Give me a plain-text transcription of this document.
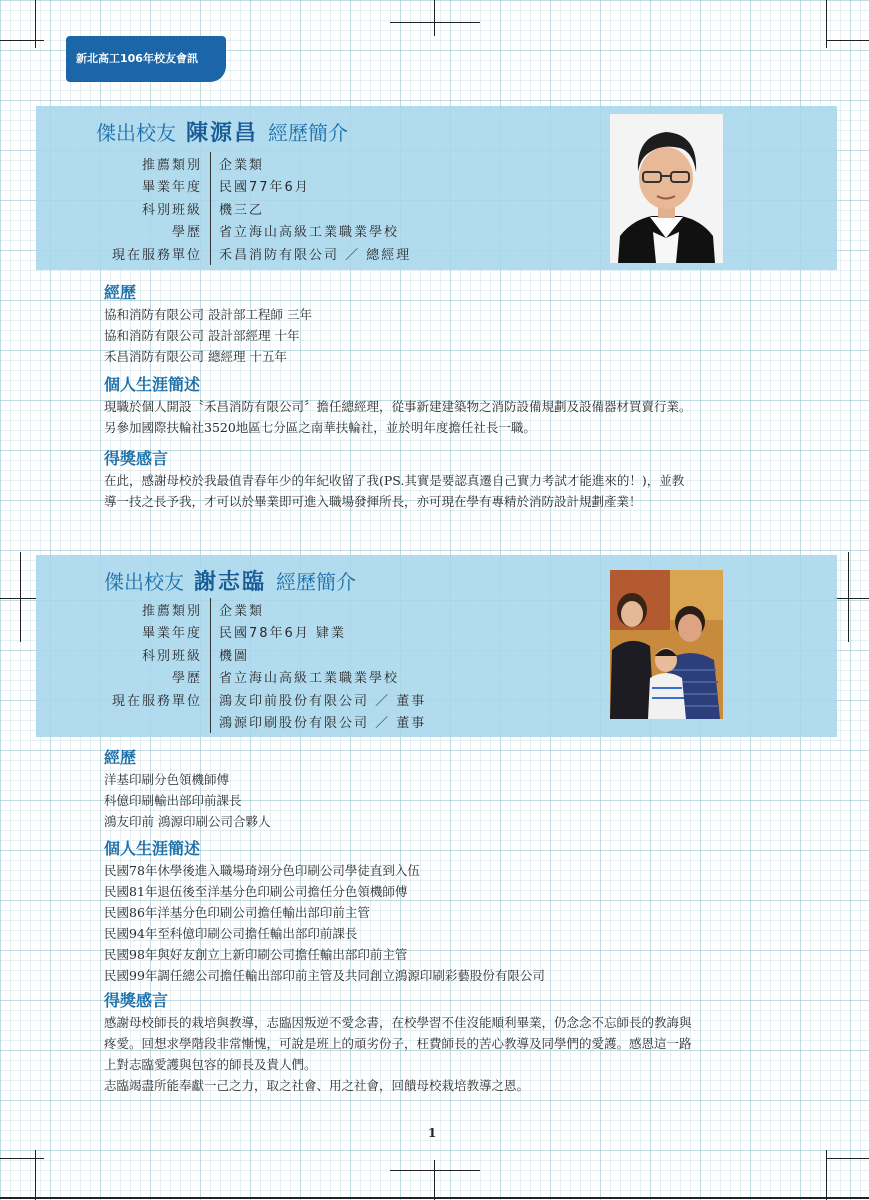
新北高工106年校友會訊
傑出校友 陳源昌 經歷簡介
推薦類別	企業類
畢業年度	民國77年6月
科別班級	機三乙
學歷	省立海山高級工業職業學校
現在服務單位	禾昌消防有限公司 ／ 總經理
經歷
協和消防有限公司 設計部工程師 三年
協和消防有限公司 設計部經理 十年
禾昌消防有限公司 總經理 十五年
個人生涯簡述
現職於個人開設〝禾昌消防有限公司〞擔任總經理，從事新建建築物之消防設備規劃及設備器材買賣行業。
另參加國際扶輪社3520地區七分區之南華扶輪社，並於明年度擔任社長一職。
得獎感言
在此，感謝母校於我最值青春年少的年紀收留了我(PS.其實是要認真遷自己實力考試才能進來的！)，並教
導一技之長予我，才可以於畢業即可進入職場發揮所長，亦可現在學有專精於消防設計規劃產業！
傑出校友 謝志臨 經歷簡介
推薦類別	企業類
畢業年度	民國78年6月 肄業
科別班級	機圖
學歷	省立海山高級工業職業學校
現在服務單位	鴻友印前股份有限公司 ／ 董事
鴻源印刷股份有限公司 ／ 董事
經歷
洋基印刷分色領機師傅
科億印刷輸出部印前課長
鴻友印前 鴻源印刷公司合夥人
個人生涯簡述
民國78年休學後進入職場琦翊分色印刷公司學徒直到入伍
民國81年退伍後至洋基分色印刷公司擔任分色領機師傅
民國86年洋基分色印刷公司擔任輸出部印前主管
民國94年至科億印刷公司擔任輸出部印前課長
民國98年與好友創立上新印刷公司擔任輸出部印前主管
民國99年調任總公司擔任輸出部印前主管及共同創立鴻源印刷彩藝股份有限公司
得獎感言
感謝母校師長的栽培與教導，志臨因叛逆不愛念書，在校學習不佳沒能順利畢業，仍念念不忘師長的教誨與
疼愛。回想求學階段非常慚愧，可說是班上的頑劣份子，枉費師長的苦心教導及同學們的愛護。感恩這一路
上對志臨愛護與包容的師長及貴人們。
志臨竭盡所能奉獻一己之力，取之社會、用之社會，回饋母校栽培教導之恩。
1
